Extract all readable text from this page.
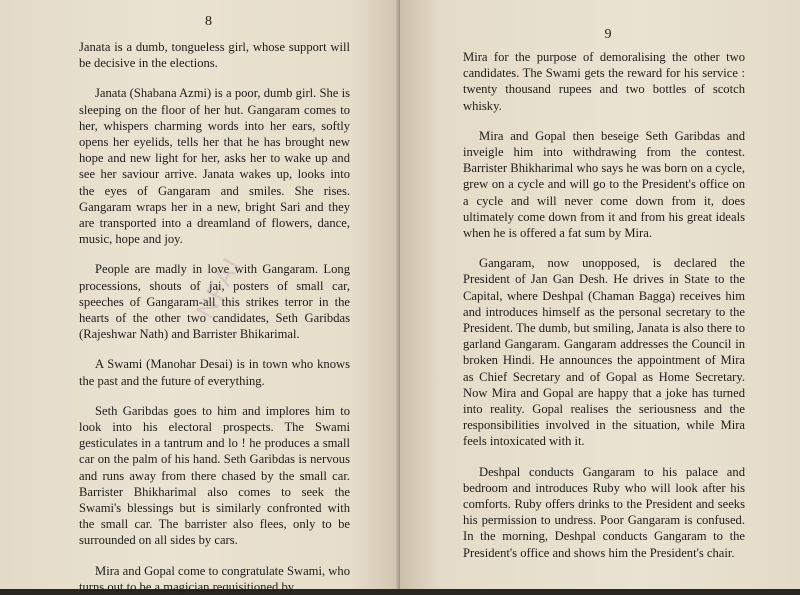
8

Janata is a dumb, tongueless girl, whose support will be decisive in the elections.

Janata (Shabana Azmi) is a poor, dumb girl. She is sleeping on the floor of her hut. Gangaram comes to her, whispers charming words into her ears, softly opens her eyelids, tells her that he has brought new hope and new light for her, asks her to wake up and see her saviour arrive. Janata wakes up, looks into the eyes of Gangaram and smiles. She rises. Gangaram wraps her in a new, bright Sari and they are transported into a dreamland of flowers, dance, music, hope and joy.

People are madly in love with Gangaram. Long processions, shouts of jai, posters of small car, speeches of Gangaram-all this strikes terror in the hearts of the other two candidates, Seth Garibdas (Rajeshwar Nath) and Barrister Bhikarimal.

A Swami (Manohar Desai) is in town who knows the past and the future of everything.

Seth Garibdas goes to him and implores him to look into his electoral prospects. The Swami gesticulates in a tantrum and lo ! he produces a small car on the palm of his hand. Seth Garibdas is nervous and runs away from there chased by the small car. Barrister Bhikharimal also comes to seek the Swami's blessings but is similarly confronted with the small car. The barrister also flees, only to be surrounded on all sides by cars.

Mira and Gopal come to congratulate Swami, who turns out to be a magician requisitioned by

NFAI
9

Mira for the purpose of demoralising the other two candidates. The Swami gets the reward for his service : twenty thousand rupees and two bottles of scotch whisky.

Mira and Gopal then beseige Seth Garibdas and inveigle him into withdrawing from the contest. Barrister Bhikharimal who says he was born on a cycle, grew on a cycle and will go to the President's office on a cycle and will never come down from it, does ultimately come down from it and from his great ideals when he is offered a fat sum by Mira.

Gangaram, now unopposed, is declared the President of Jan Gan Desh. He drives in State to the Capital, where Deshpal (Chaman Bagga) receives him and introduces himself as the personal secretary to the President. The dumb, but smiling, Janata is also there to garland Gangaram. Gangaram addresses the Council in broken Hindi. He announces the appointment of Mira as Chief Secretary and of Gopal as Home Secretary. Now Mira and Gopal are happy that a joke has turned into reality. Gopal realises the seriousness and the responsibilities involved in the situation, while Mira feels intoxicated with it.

Deshpal conducts Gangaram to his palace and bedroom and introduces Ruby who will look after his comforts. Ruby offers drinks to the President and seeks his permission to undress. Poor Gangaram is confused. In the morning, Deshpal conducts Gangaram to the President's office and shows him the President's chair.
